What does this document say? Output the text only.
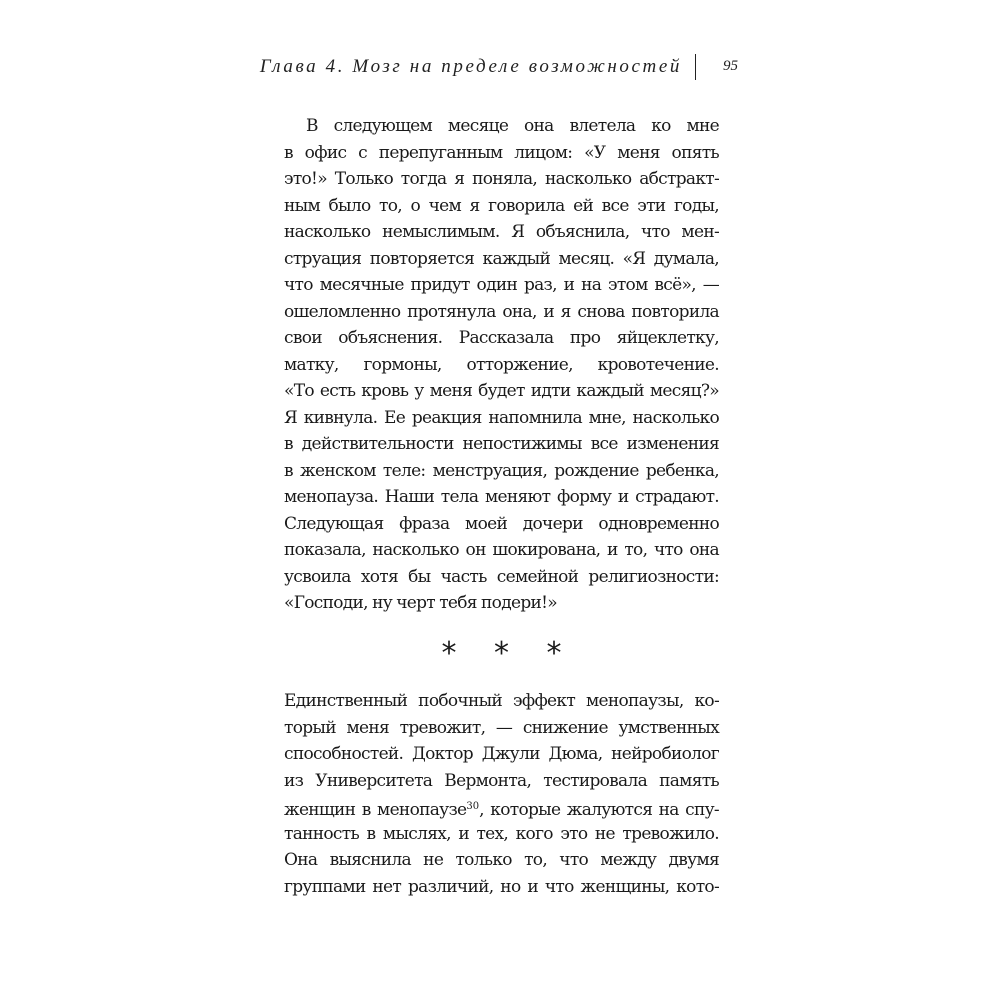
Глава 4. Мозг на пределе возможностей	95
В следующем месяце она влетела ко мне
в офис с перепуганным лицом: «У меня опять
это!» Только тогда я поняла, насколько абстракт-
ным было то, о чем я говорила ей все эти годы,
насколько немыслимым. Я объяснила, что мен-
струация повторяется каждый месяц. «Я думала,
что месячные придут один раз, и на этом всё», —
ошеломленно протянула она, и я снова повторила
свои объяснения. Рассказала про яйцеклетку,
матку, гормоны, отторжение, кровотечение.
«То есть кровь у меня будет идти каждый месяц?»
Я кивнула. Ее реакция напомнила мне, насколько
в действительности непостижимы все изменения
в женском теле: менструация, рождение ребенка,
менопауза. Наши тела меняют форму и страдают.
Следующая фраза моей дочери одновременно
показала, насколько он шокирована, и то, что она
усвоила хотя бы часть семейной религиозности:
«Господи, ну черт тебя подери!»
* * *
Единственный побочный эффект менопаузы, ко-
торый меня тревожит, — снижение умственных
способностей. Доктор Джули Дюма, нейробиолог
из Университета Вермонта, тестировала память
женщин в менопаузе$^{30}$, которые жалуются на спу-
танность в мыслях, и тех, кого это не тревожило.
Она выяснила не только то, что между двумя
группами нет различий, но и что женщины, кото-
